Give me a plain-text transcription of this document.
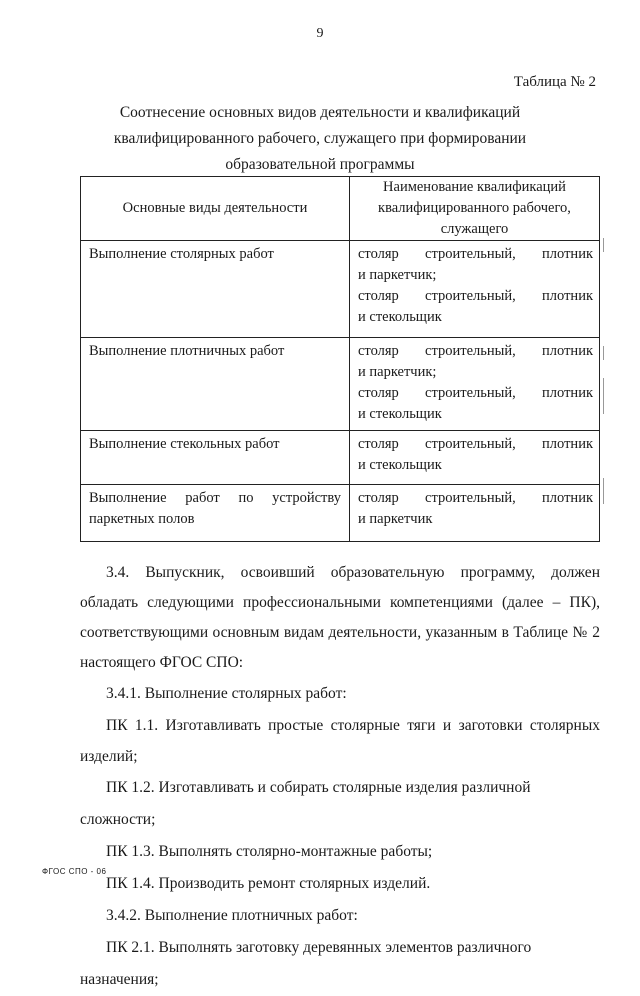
9
Таблица № 2
Соотнесение основных видов деятельности и квалификаций
квалифицированного рабочего, служащего при формировании
образовательной программы
Основные виды деятельности	Наименование квалификаций квалифицированного рабочего, служащего
Выполнение столярных работ	столяр строительный, плотник
и паркетчик;
столяр строительный, плотник
и стекольщик

Выполнение плотничных работ	столяр строительный, плотник
и паркетчик;
столяр строительный, плотник
и стекольщик

Выполнение стекольных работ	столяр строительный, плотник
и стекольщик

Выполнение работ по устройству паркетных полов	столяр строительный, плотник
и паркетчик

3.4. Выпускник, освоивший образовательную программу, должен обладать следующими профессиональными компетенциями (далее – ПК), соответствующими основным видам деятельности, указанным в Таблице № 2 настоящего ФГОС СПО:

3.4.1. Выполнение столярных работ:

ПК 1.1. Изготавливать простые столярные тяги и заготовки столярных

изделий;

ПК 1.2. Изготавливать и собирать столярные изделия различной сложности;

ПК 1.3. Выполнять столярно-монтажные работы;

ПК 1.4. Производить ремонт столярных изделий.

3.4.2. Выполнение плотничных работ:

ПК 2.1. Выполнять заготовку деревянных элементов различного назначения;

ФГОС СПО - 06
